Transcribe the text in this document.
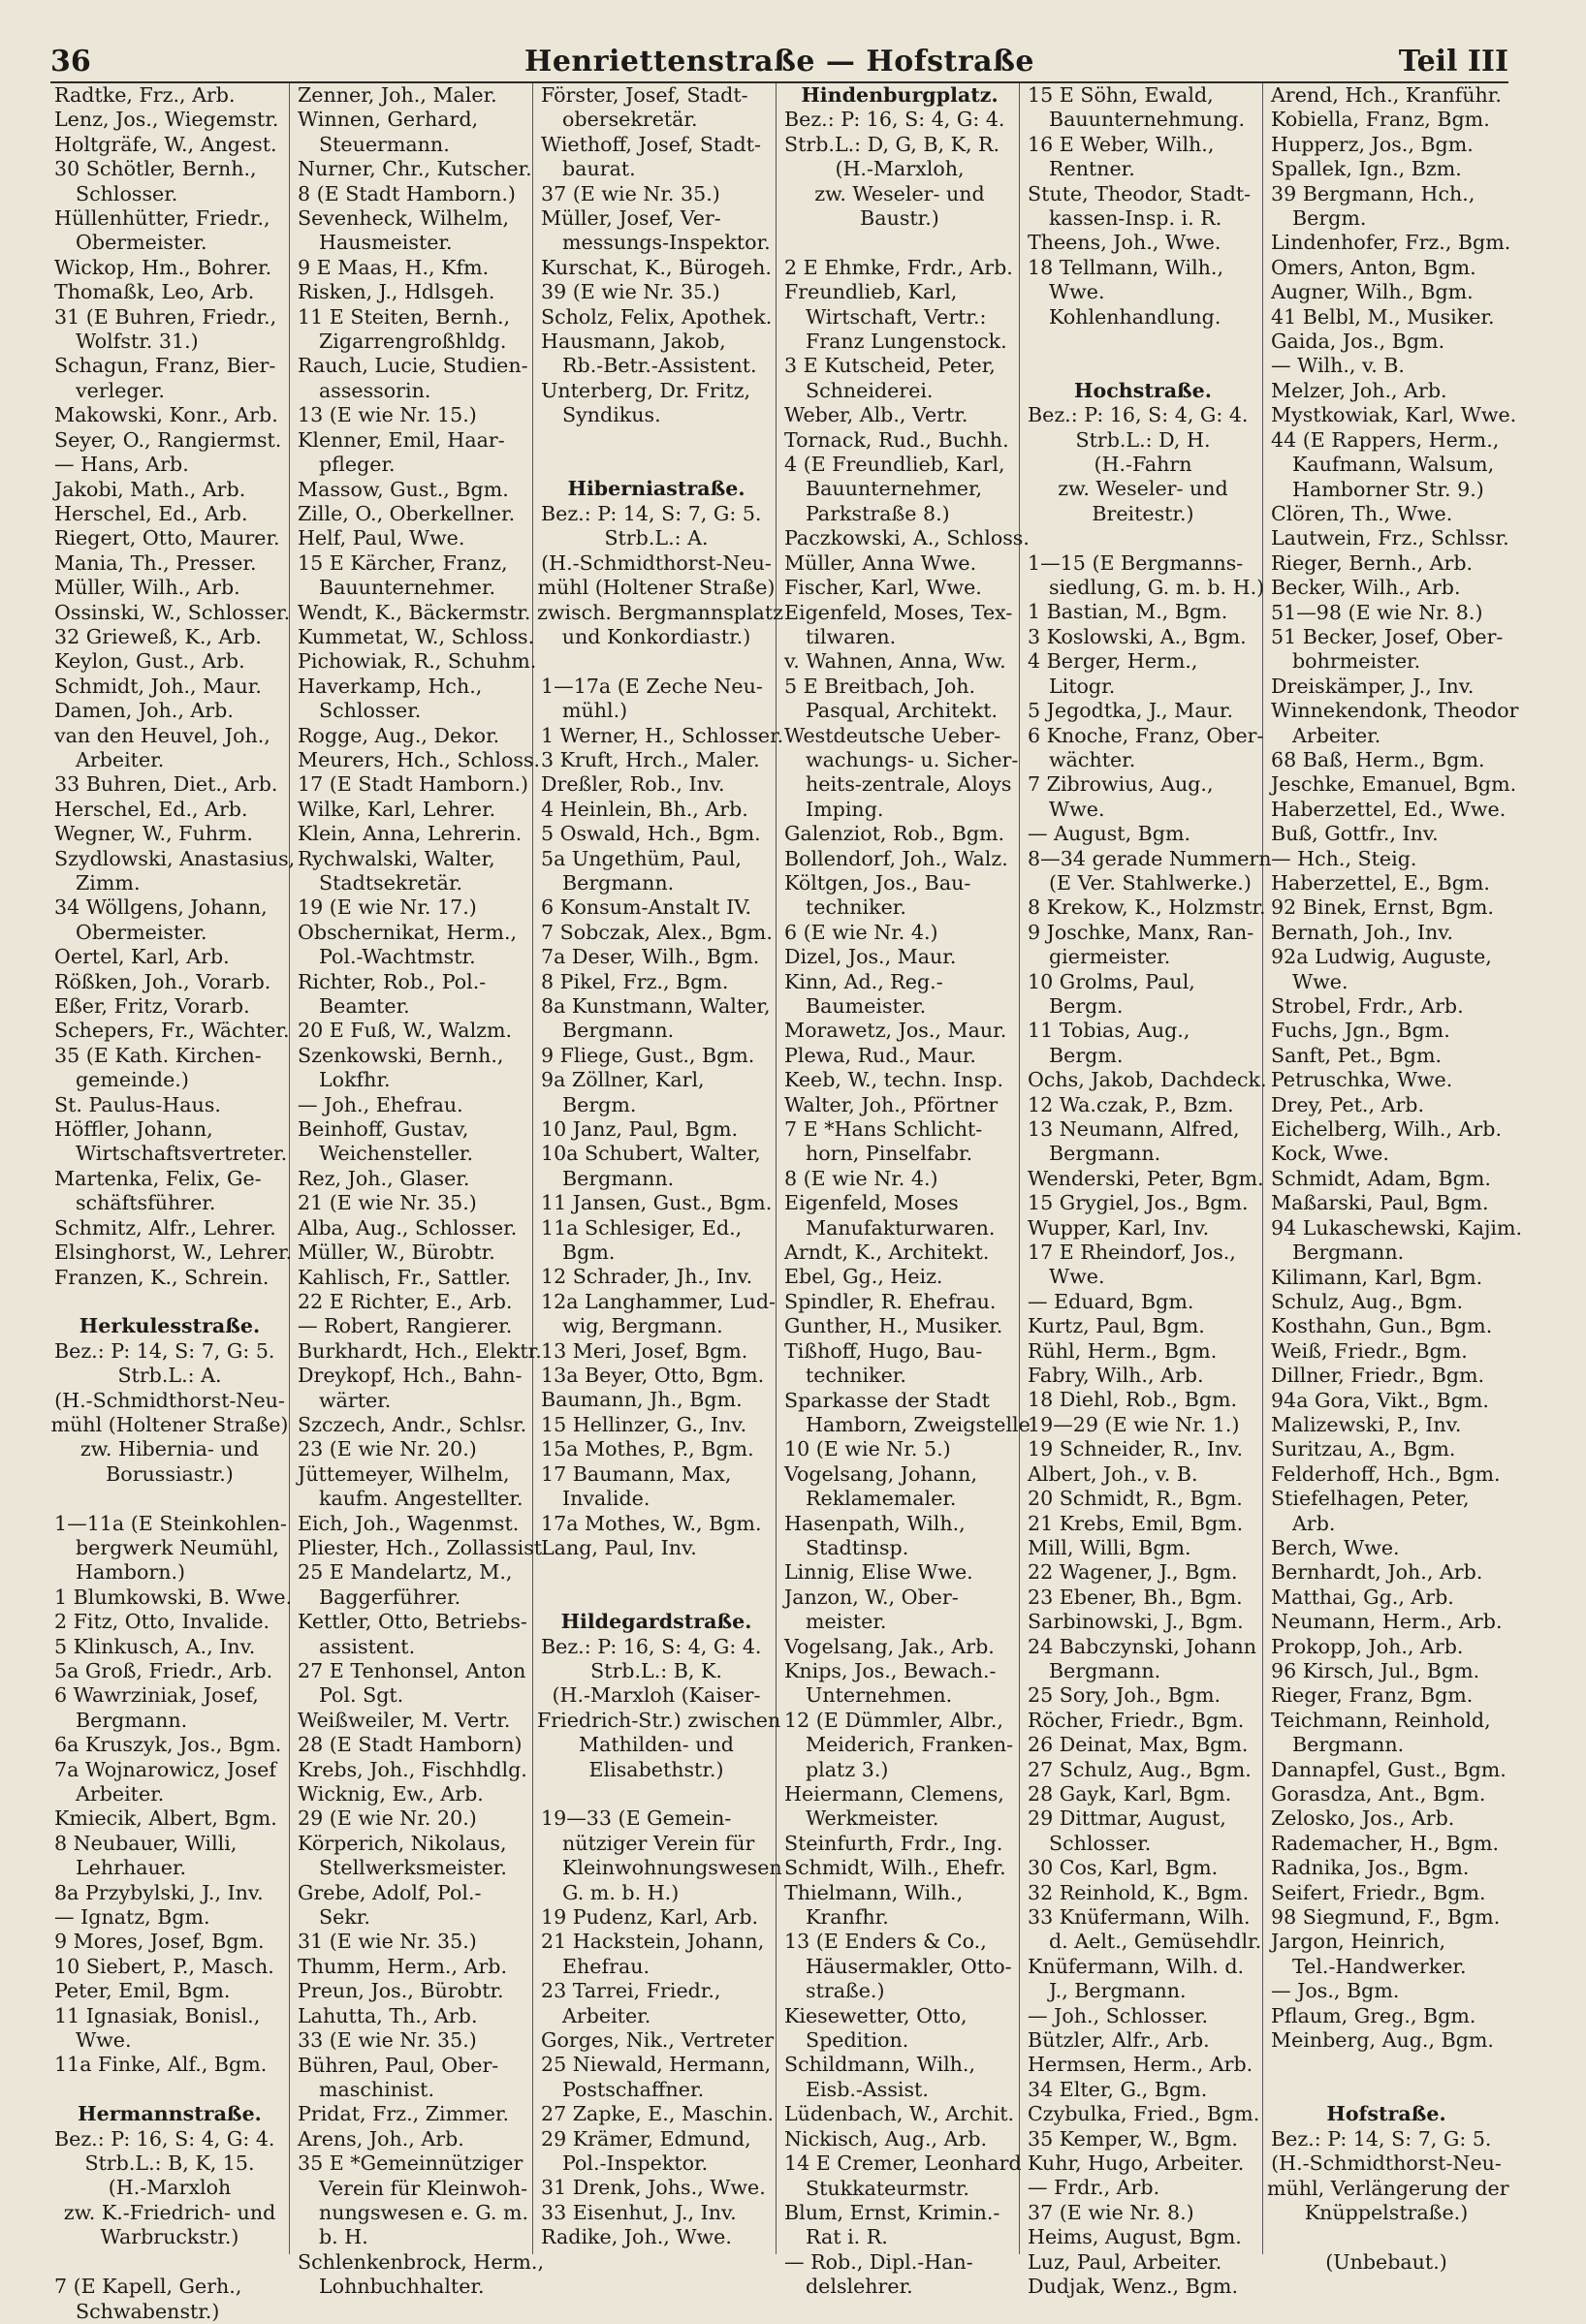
36	Henriettenstraße — Hofstraße	Teil III
Radtke, Frz., Arb.
Lenz, Jos., Wiegemstr.
Holtgräfe, W., Angest.
30 Schötler, Bernh.,
Schlosser.
Hüllenhütter, Friedr.,
Obermeister.
Wickop, Hm., Bohrer.
Thomaßk, Leo, Arb.
31 (E Buhren, Friedr.,
Wolfstr. 31.)
Schagun, Franz, Bier-
verleger.
Makowski, Konr., Arb.
Seyer, O., Rangiermst.
— Hans, Arb.
Jakobi, Math., Arb.
Herschel, Ed., Arb.
Riegert, Otto, Maurer.
Mania, Th., Presser.
Müller, Wilh., Arb.
Ossinski, W., Schlosser.
32 Grieweß, K., Arb.
Keylon, Gust., Arb.
Schmidt, Joh., Maur.
Damen, Joh., Arb.
van den Heuvel, Joh.,
Arbeiter.
33 Buhren, Diet., Arb.
Herschel, Ed., Arb.
Wegner, W., Fuhrm.
Szydlowski, Anastasius,
Zimm.
34 Wöllgens, Johann,
Obermeister.
Oertel, Karl, Arb.
Rößken, Joh., Vorarb.
Eßer, Fritz, Vorarb.
Schepers, Fr., Wächter.
35 (E Kath. Kirchen-
gemeinde.)
St. Paulus-Haus.
Höffler, Johann,
Wirtschaftsvertreter.
Martenka, Felix, Ge-
schäftsführer.
Schmitz, Alfr., Lehrer.
Elsinghorst, W., Lehrer.
Franzen, K., Schrein.
Herkulesstraße.
Bez.: P: 14, S: 7, G: 5.
Strb.L.: A.
(H.-Schmidthorst-Neu-
mühl (Holtener Straße)
zw. Hibernia- und
Borussiastr.)
1—11a (E Steinkohlen-
bergwerk Neumühl,
Hamborn.)
1 Blumkowski, B. Wwe.
2 Fitz, Otto, Invalide.
5 Klinkusch, A., Inv.
5a Groß, Friedr., Arb.
6 Wawrziniak, Josef,
Bergmann.
6a Kruszyk, Jos., Bgm.
7a Wojnarowicz, Josef
Arbeiter.
Kmiecik, Albert, Bgm.
8 Neubauer, Willi,
Lehrhauer.
8a Przybylski, J., Inv.
— Ignatz, Bgm.
9 Mores, Josef, Bgm.
10 Siebert, P., Masch.
Peter, Emil, Bgm.
11 Ignasiak, Bonisl.,
Wwe.
11a Finke, Alf., Bgm.
Hermannstraße.
Bez.: P: 16, S: 4, G: 4.
Strb.L.: B, K, 15.
(H.-Marxloh
zw. K.-Friedrich- und
Warbruckstr.)
7 (E Kapell, Gerh.,
Schwabenstr.)
Zenner, Joh., Maler.
Winnen, Gerhard,
Steuermann.
Nurner, Chr., Kutscher.
8 (E Stadt Hamborn.)
Sevenheck, Wilhelm,
Hausmeister.
9 E Maas, H., Kfm.
Risken, J., Hdlsgeh.
11 E Steiten, Bernh.,
Zigarrengroßhldg.
Rauch, Lucie, Studien-
assessorin.
13 (E wie Nr. 15.)
Klenner, Emil, Haar-
pfleger.
Massow, Gust., Bgm.
Zille, O., Oberkellner.
Helf, Paul, Wwe.
15 E Kärcher, Franz,
Bauunternehmer.
Wendt, K., Bäckermstr.
Kummetat, W., Schloss.
Pichowiak, R., Schuhm.
Haverkamp, Hch.,
Schlosser.
Rogge, Aug., Dekor.
Meurers, Hch., Schloss.
17 (E Stadt Hamborn.)
Wilke, Karl, Lehrer.
Klein, Anna, Lehrerin.
Rychwalski, Walter,
Stadtsekretär.
19 (E wie Nr. 17.)
Obschernikat, Herm.,
Pol.-Wachtmstr.
Richter, Rob., Pol.-
Beamter.
20 E Fuß, W., Walzm.
Szenkowski, Bernh.,
Lokfhr.
— Joh., Ehefrau.
Beinhoff, Gustav,
Weichensteller.
Rez, Joh., Glaser.
21 (E wie Nr. 35.)
Alba, Aug., Schlosser.
Müller, W., Bürobtr.
Kahlisch, Fr., Sattler.
22 E Richter, E., Arb.
— Robert, Rangierer.
Burkhardt, Hch., Elektr.
Dreykopf, Hch., Bahn-
wärter.
Szczech, Andr., Schlsr.
23 (E wie Nr. 20.)
Jüttemeyer, Wilhelm,
kaufm. Angestellter.
Eich, Joh., Wagenmst.
Pliester, Hch., Zollassist.
25 E Mandelartz, M.,
Baggerführer.
Kettler, Otto, Betriebs-
assistent.
27 E Tenhonsel, Anton
Pol. Sgt.
Weißweiler, M. Vertr.
28 (E Stadt Hamborn)
Krebs, Joh., Fischhdlg.
Wicknig, Ew., Arb.
29 (E wie Nr. 20.)
Körperich, Nikolaus,
Stellwerksmeister.
Grebe, Adolf, Pol.-
Sekr.
31 (E wie Nr. 35.)
Thumm, Herm., Arb.
Preun, Jos., Bürobtr.
Lahutta, Th., Arb.
33 (E wie Nr. 35.)
Bühren, Paul, Ober-
maschinist.
Pridat, Frz., Zimmer.
Arens, Joh., Arb.
35 E *Gemeinnütziger
Verein für Kleinwoh-
nungswesen e. G. m.
b. H.
Schlenkenbrock, Herm.,
Lohnbuchhalter.
Förster, Josef, Stadt-
obersekretär.
Wiethoff, Josef, Stadt-
baurat.
37 (E wie Nr. 35.)
Müller, Josef, Ver-
messungs-Inspektor.
Kurschat, K., Bürogeh.
39 (E wie Nr. 35.)
Scholz, Felix, Apothek.
Hausmann, Jakob,
Rb.-Betr.-Assistent.
Unterberg, Dr. Fritz,
Syndikus.
Hiberniastraße.
Bez.: P: 14, S: 7, G: 5.
Strb.L.: A.
(H.-Schmidthorst-Neu-
mühl (Holtener Straße)
zwisch. Bergmannsplatz
und Konkordiastr.)
1—17a (E Zeche Neu-
mühl.)
1 Werner, H., Schlosser.
3 Kruft, Hrch., Maler.
Dreßler, Rob., Inv.
4 Heinlein, Bh., Arb.
5 Oswald, Hch., Bgm.
5a Ungethüm, Paul,
Bergmann.
6 Konsum-Anstalt IV.
7 Sobczak, Alex., Bgm.
7a Deser, Wilh., Bgm.
8 Pikel, Frz., Bgm.
8a Kunstmann, Walter,
Bergmann.
9 Fliege, Gust., Bgm.
9a Zöllner, Karl,
Bergm.
10 Janz, Paul, Bgm.
10a Schubert, Walter,
Bergmann.
11 Jansen, Gust., Bgm.
11a Schlesiger, Ed.,
Bgm.
12 Schrader, Jh., Inv.
12a Langhammer, Lud-
wig, Bergmann.
13 Meri, Josef, Bgm.
13a Beyer, Otto, Bgm.
Baumann, Jh., Bgm.
15 Hellinzer, G., Inv.
15a Mothes, P., Bgm.
17 Baumann, Max,
Invalide.
17a Mothes, W., Bgm.
Lang, Paul, Inv.
Hildegardstraße.
Bez.: P: 16, S: 4, G: 4.
Strb.L.: B, K.
(H.-Marxloh (Kaiser-
Friedrich-Str.) zwischen
Mathilden- und
Elisabethstr.)
19—33 (E Gemein-
nütziger Verein für
Kleinwohnungswesen
G. m. b. H.)
19 Pudenz, Karl, Arb.
21 Hackstein, Johann,
Ehefrau.
23 Tarrei, Friedr.,
Arbeiter.
Gorges, Nik., Vertreter
25 Niewald, Hermann,
Postschaffner.
27 Zapke, E., Maschin.
29 Krämer, Edmund,
Pol.-Inspektor.
31 Drenk, Johs., Wwe.
33 Eisenhut, J., Inv.
Radike, Joh., Wwe.
Hindenburgplatz.
Bez.: P: 16, S: 4, G: 4.
Strb.L.: D, G, B, K, R.
(H.-Marxloh,
zw. Weseler- und
Baustr.)
2 E Ehmke, Frdr., Arb.
Freundlieb, Karl,
Wirtschaft, Vertr.:
Franz Lungenstock.
3 E Kutscheid, Peter,
Schneiderei.
Weber, Alb., Vertr.
Tornack, Rud., Buchh.
4 (E Freundlieb, Karl,
Bauunternehmer,
Parkstraße 8.)
Paczkowski, A., Schloss.
Müller, Anna Wwe.
Fischer, Karl, Wwe.
Eigenfeld, Moses, Tex-
tilwaren.
v. Wahnen, Anna, Ww.
5 E Breitbach, Joh.
Pasqual, Architekt.
Westdeutsche Ueber-
wachungs- u. Sicher-
heits-zentrale, Aloys
Imping.
Galenziot, Rob., Bgm.
Bollendorf, Joh., Walz.
Költgen, Jos., Bau-
techniker.
6 (E wie Nr. 4.)
Dizel, Jos., Maur.
Kinn, Ad., Reg.-
Baumeister.
Morawetz, Jos., Maur.
Plewa, Rud., Maur.
Keeb, W., techn. Insp.
Walter, Joh., Pförtner
7 E *Hans Schlicht-
horn, Pinselfabr.
8 (E wie Nr. 4.)
Eigenfeld, Moses
Manufakturwaren.
Arndt, K., Architekt.
Ebel, Gg., Heiz.
Spindler, R. Ehefrau.
Gunther, H., Musiker.
Tißhoff, Hugo, Bau-
techniker.
Sparkasse der Stadt
Hamborn, Zweigstelle
10 (E wie Nr. 5.)
Vogelsang, Johann,
Reklamemaler.
Hasenpath, Wilh.,
Stadtinsp.
Linnig, Elise Wwe.
Janzon, W., Ober-
meister.
Vogelsang, Jak., Arb.
Knips, Jos., Bewach.-
Unternehmen.
12 (E Dümmler, Albr.,
Meiderich, Franken-
platz 3.)
Heiermann, Clemens,
Werkmeister.
Steinfurth, Frdr., Ing.
Schmidt, Wilh., Ehefr.
Thielmann, Wilh.,
Kranfhr.
13 (E Enders & Co.,
Häusermakler, Otto-
straße.)
Kiesewetter, Otto,
Spedition.
Schildmann, Wilh.,
Eisb.-Assist.
Lüdenbach, W., Archit.
Nickisch, Aug., Arb.
14 E Cremer, Leonhard
Stukkateurmstr.
Blum, Ernst, Krimin.-
Rat i. R.
— Rob., Dipl.-Han-
delslehrer.
15 E Söhn, Ewald,
Bauunternehmung.
16 E Weber, Wilh.,
Rentner.
Stute, Theodor, Stadt-
kassen-Insp. i. R.
Theens, Joh., Wwe.
18 Tellmann, Wilh.,
Wwe.
Kohlenhandlung.
Hochstraße.
Bez.: P: 16, S: 4, G: 4.
Strb.L.: D, H.
(H.-Fahrn
zw. Weseler- und
Breitestr.)
1—15 (E Bergmanns-
siedlung, G. m. b. H.)
1 Bastian, M., Bgm.
3 Koslowski, A., Bgm.
4 Berger, Herm.,
Litogr.
5 Jegodtka, J., Maur.
6 Knoche, Franz, Ober-
wächter.
7 Zibrowius, Aug.,
Wwe.
— August, Bgm.
8—34 gerade Nummern
(E Ver. Stahlwerke.)
8 Krekow, K., Holzmstr.
9 Joschke, Manx, Ran-
giermeister.
10 Grolms, Paul,
Bergm.
11 Tobias, Aug.,
Bergm.
Ochs, Jakob, Dachdeck.
12 Wa.czak, P., Bzm.
13 Neumann, Alfred,
Bergmann.
Wenderski, Peter, Bgm.
15 Grygiel, Jos., Bgm.
Wupper, Karl, Inv.
17 E Rheindorf, Jos.,
Wwe.
— Eduard, Bgm.
Kurtz, Paul, Bgm.
Rühl, Herm., Bgm.
Fabry, Wilh., Arb.
18 Diehl, Rob., Bgm.
19—29 (E wie Nr. 1.)
19 Schneider, R., Inv.
Albert, Joh., v. B.
20 Schmidt, R., Bgm.
21 Krebs, Emil, Bgm.
Mill, Willi, Bgm.
22 Wagener, J., Bgm.
23 Ebener, Bh., Bgm.
Sarbinowski, J., Bgm.
24 Babczynski, Johann
Bergmann.
25 Sory, Joh., Bgm.
Röcher, Friedr., Bgm.
26 Deinat, Max, Bgm.
27 Schulz, Aug., Bgm.
28 Gayk, Karl, Bgm.
29 Dittmar, August,
Schlosser.
30 Cos, Karl, Bgm.
32 Reinhold, K., Bgm.
33 Knüfermann, Wilh.
d. Aelt., Gemüsehdlr.
Knüfermann, Wilh. d.
J., Bergmann.
— Joh., Schlosser.
Bützler, Alfr., Arb.
Hermsen, Herm., Arb.
34 Elter, G., Bgm.
Czybulka, Fried., Bgm.
35 Kemper, W., Bgm.
Kuhr, Hugo, Arbeiter.
— Frdr., Arb.
37 (E wie Nr. 8.)
Heims, August, Bgm.
Luz, Paul, Arbeiter.
Dudjak, Wenz., Bgm.
Arend, Hch., Kranführ.
Kobiella, Franz, Bgm.
Hupperz, Jos., Bgm.
Spallek, Ign., Bzm.
39 Bergmann, Hch.,
Bergm.
Lindenhofer, Frz., Bgm.
Omers, Anton, Bgm.
Augner, Wilh., Bgm.
41 Belbl, M., Musiker.
Gaida, Jos., Bgm.
— Wilh., v. B.
Melzer, Joh., Arb.
Mystkowiak, Karl, Wwe.
44 (E Rappers, Herm.,
Kaufmann, Walsum,
Hamborner Str. 9.)
Clören, Th., Wwe.
Lautwein, Frz., Schlssr.
Rieger, Bernh., Arb.
Becker, Wilh., Arb.
51—98 (E wie Nr. 8.)
51 Becker, Josef, Ober-
bohrmeister.
Dreiskämper, J., Inv.
Winnekendonk, Theodor
Arbeiter.
68 Baß, Herm., Bgm.
Jeschke, Emanuel, Bgm.
Haberzettel, Ed., Wwe.
Buß, Gottfr., Inv.
— Hch., Steig.
Haberzettel, E., Bgm.
92 Binek, Ernst, Bgm.
Bernath, Joh., Inv.
92a Ludwig, Auguste,
Wwe.
Strobel, Frdr., Arb.
Fuchs, Jgn., Bgm.
Sanft, Pet., Bgm.
Petruschka, Wwe.
Drey, Pet., Arb.
Eichelberg, Wilh., Arb.
Kock, Wwe.
Schmidt, Adam, Bgm.
Maßarski, Paul, Bgm.
94 Lukaschewski, Kajim.
Bergmann.
Kilimann, Karl, Bgm.
Schulz, Aug., Bgm.
Kosthahn, Gun., Bgm.
Weiß, Friedr., Bgm.
Dillner, Friedr., Bgm.
94a Gora, Vikt., Bgm.
Malizewski, P., Inv.
Suritzau, A., Bgm.
Felderhoff, Hch., Bgm.
Stiefelhagen, Peter,
Arb.
Berch, Wwe.
Bernhardt, Joh., Arb.
Matthai, Gg., Arb.
Neumann, Herm., Arb.
Prokopp, Joh., Arb.
96 Kirsch, Jul., Bgm.
Rieger, Franz, Bgm.
Teichmann, Reinhold,
Bergmann.
Dannapfel, Gust., Bgm.
Gorasdza, Ant., Bgm.
Zelosko, Jos., Arb.
Rademacher, H., Bgm.
Radnika, Jos., Bgm.
Seifert, Friedr., Bgm.
98 Siegmund, F., Bgm.
Jargon, Heinrich,
Tel.-Handwerker.
— Jos., Bgm.
Pflaum, Greg., Bgm.
Meinberg, Aug., Bgm.
Hofstraße.
Bez.: P: 14, S: 7, G: 5.
(H.-Schmidthorst-Neu-
mühl, Verlängerung der
Knüppelstraße.)
(Unbebaut.)
